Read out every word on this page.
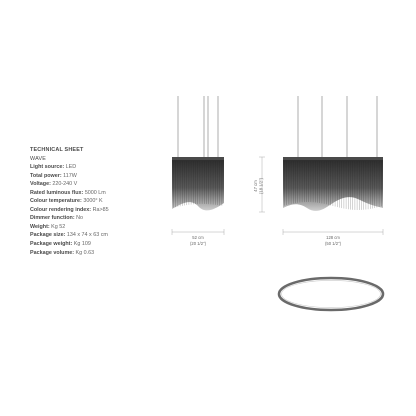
TECHNICAL SHEET
WAVE
Light source: LED
Total power: 117W
Voltage: 220-240 V
Rated luminous flux: 5000 Lm
Colour temperature: 3000° K
Colour rendering index: Ra>85
Dimmer function: No
Weight: Kg 52
Package size: 134 x 74 x 63 cm
Package weight: Kg 109
Package volume: Kg 0.63
47 cm (18 1/2'')
52 cm
(20 1/2'')
128 cm
(50 1/2'')
